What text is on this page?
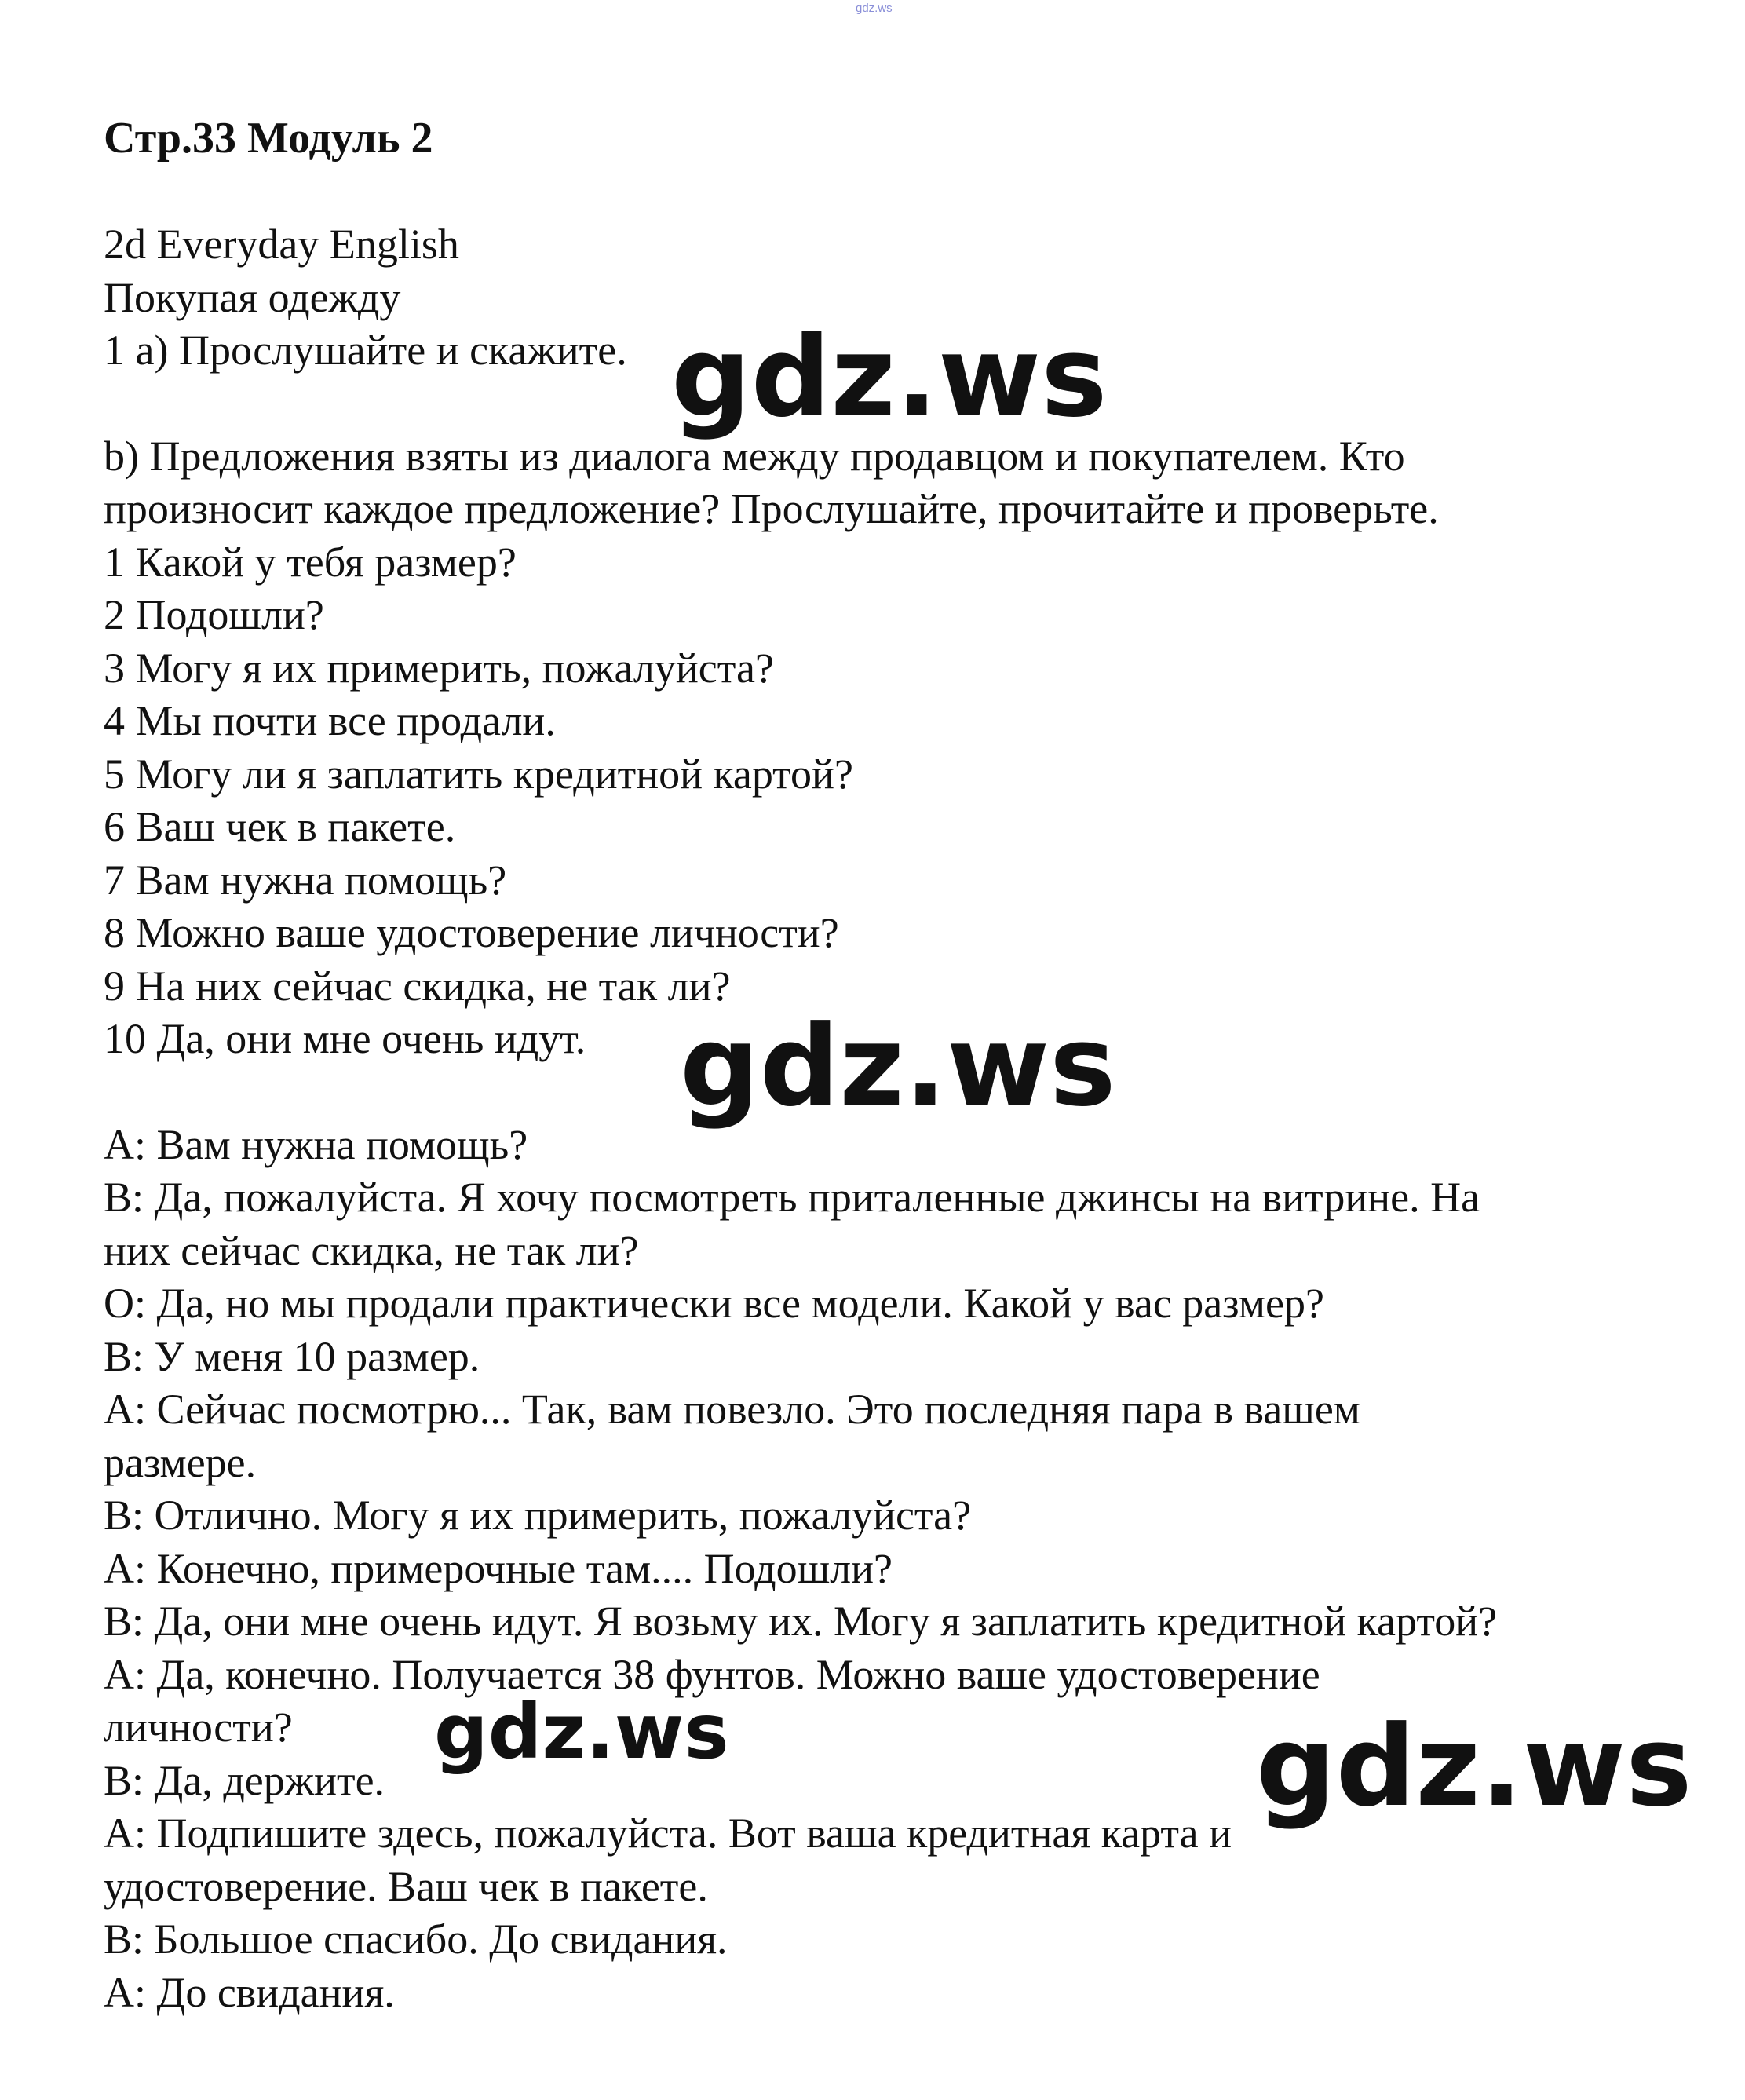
gdz.ws

Стр.33 Модуль 2

2d Everyday English

Покупая одежду

1 a) Прослушайте и скажите.

b) Предложения взяты из диалога между продавцом и покупателем. Кто

произносит каждое предложение? Прослушайте, прочитайте и проверьте.

1 Какой у тебя размер?

2 Подошли?

3 Могу я их примерить, пожалуйста?

4 Мы почти все продали.

5 Могу ли я заплатить кредитной картой?

6 Ваш чек в пакете.

7 Вам нужна помощь?

8 Можно ваше удостоверение личности?

9 На них сейчас скидка, не так ли?

10 Да, они мне очень идут.

A: Вам нужна помощь?

B: Да, пожалуйста. Я хочу посмотреть приталенные джинсы на витрине. На

них сейчас скидка, не так ли?

O: Да, но мы продали практически все модели. Какой у вас размер?

B: У меня 10 размер.

A: Сейчас посмотрю... Так, вам повезло. Это последняя пара в вашем

размере.

B: Отлично. Могу я их примерить, пожалуйста?

A: Конечно, примерочные там.... Подошли?

B: Да, они мне очень идут. Я возьму их. Могу я заплатить кредитной картой?

A: Да, конечно. Получается 38 фунтов. Можно ваше удостоверение

личности?

B: Да, держите.

A: Подпишите здесь, пожалуйста. Вот ваша кредитная карта и

удостоверение. Ваш чек в пакете.

B: Большое спасибо. До свидания.

A: До свидания.

gdz.ws
gdz.ws
gdz.ws	gdz.ws
